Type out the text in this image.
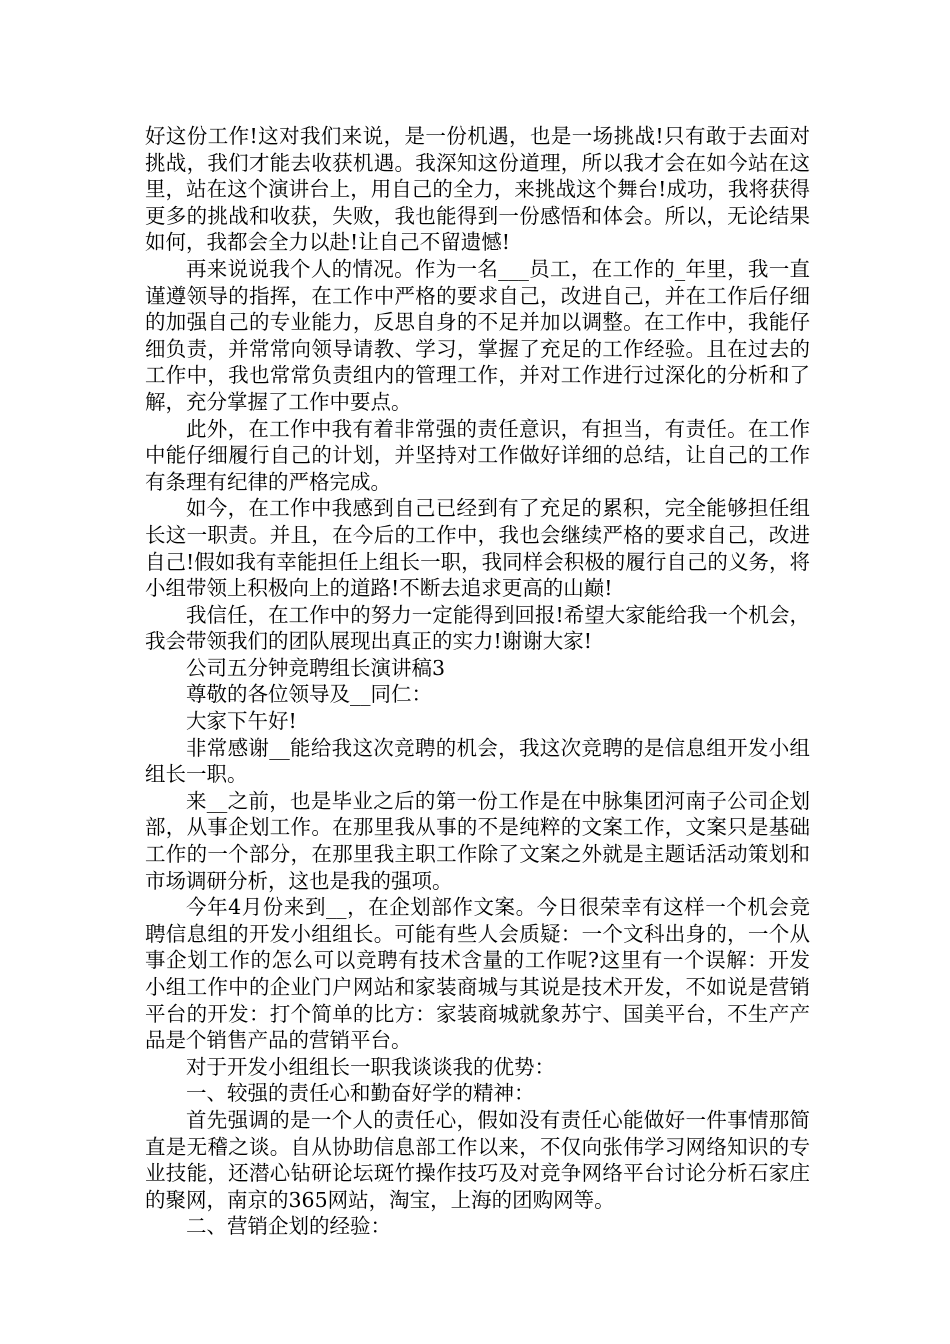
好这份工作!这对我们来说，是一份机遇，也是一场挑战!只有敢于去面对挑战，我们才能去收获机遇。我深知这份道理，所以我才会在如今站在这里，站在这个演讲台上，用自己的全力，来挑战这个舞台!成功，我将获得更多的挑战和收获，失败，我也能得到一份感悟和体会。所以，无论结果如何，我都会全力以赴!让自己不留遗憾!

再来说说我个人的情况。作为一名___员工，在工作的_年里，我一直谨遵领导的指挥，在工作中严格的要求自己，改进自己，并在工作后仔细的加强自己的专业能力，反思自身的不足并加以调整。在工作中，我能仔细负责，并常常向领导请教、学习，掌握了充足的工作经验。且在过去的工作中，我也常常负责组内的管理工作，并对工作进行过深化的分析和了解，充分掌握了工作中要点。

此外，在工作中我有着非常强的责任意识，有担当，有责任。在工作中能仔细履行自己的计划，并坚持对工作做好详细的总结，让自己的工作有条理有纪律的严格完成。

如今，在工作中我感到自己已经到有了充足的累积，完全能够担任组长这一职责。并且，在今后的工作中，我也会继续严格的要求自己，改进自己!假如我有幸能担任上组长一职，我同样会积极的履行自己的义务，将小组带领上积极向上的道路!不断去追求更高的山巅!

我信任，在工作中的努力一定能得到回报!希望大家能给我一个机会，我会带领我们的团队展现出真正的实力!谢谢大家!

公司五分钟竞聘组长演讲稿3

尊敬的各位领导及__同仁：

大家下午好!

非常感谢__能给我这次竞聘的机会，我这次竞聘的是信息组开发小组组长一职。

来__之前，也是毕业之后的第一份工作是在中脉集团河南子公司企划部，从事企划工作。在那里我从事的不是纯粹的文案工作，文案只是基础工作的一个部分，在那里我主职工作除了文案之外就是主题话活动策划和市场调研分析，这也是我的强项。

今年4月份来到__，在企划部作文案。今日很荣幸有这样一个机会竞聘信息组的开发小组组长。可能有些人会质疑：一个文科出身的，一个从事企划工作的怎么可以竞聘有技术含量的工作呢?这里有一个误解：开发小组工作中的企业门户网站和家装商城与其说是技术开发，不如说是营销平台的开发：打个简单的比方：家装商城就象苏宁、国美平台，不生产产品是个销售产品的营销平台。

对于开发小组组长一职我谈谈我的优势：

一、较强的责任心和勤奋好学的精神：

首先强调的是一个人的责任心，假如没有责任心能做好一件事情那简直是无稽之谈。自从协助信息部工作以来，不仅向张伟学习网络知识的专业技能，还潜心钻研论坛斑竹操作技巧及对竞争网络平台讨论分析石家庄的聚网，南京的365网站，淘宝，上海的团购网等。

二、营销企划的经验：
